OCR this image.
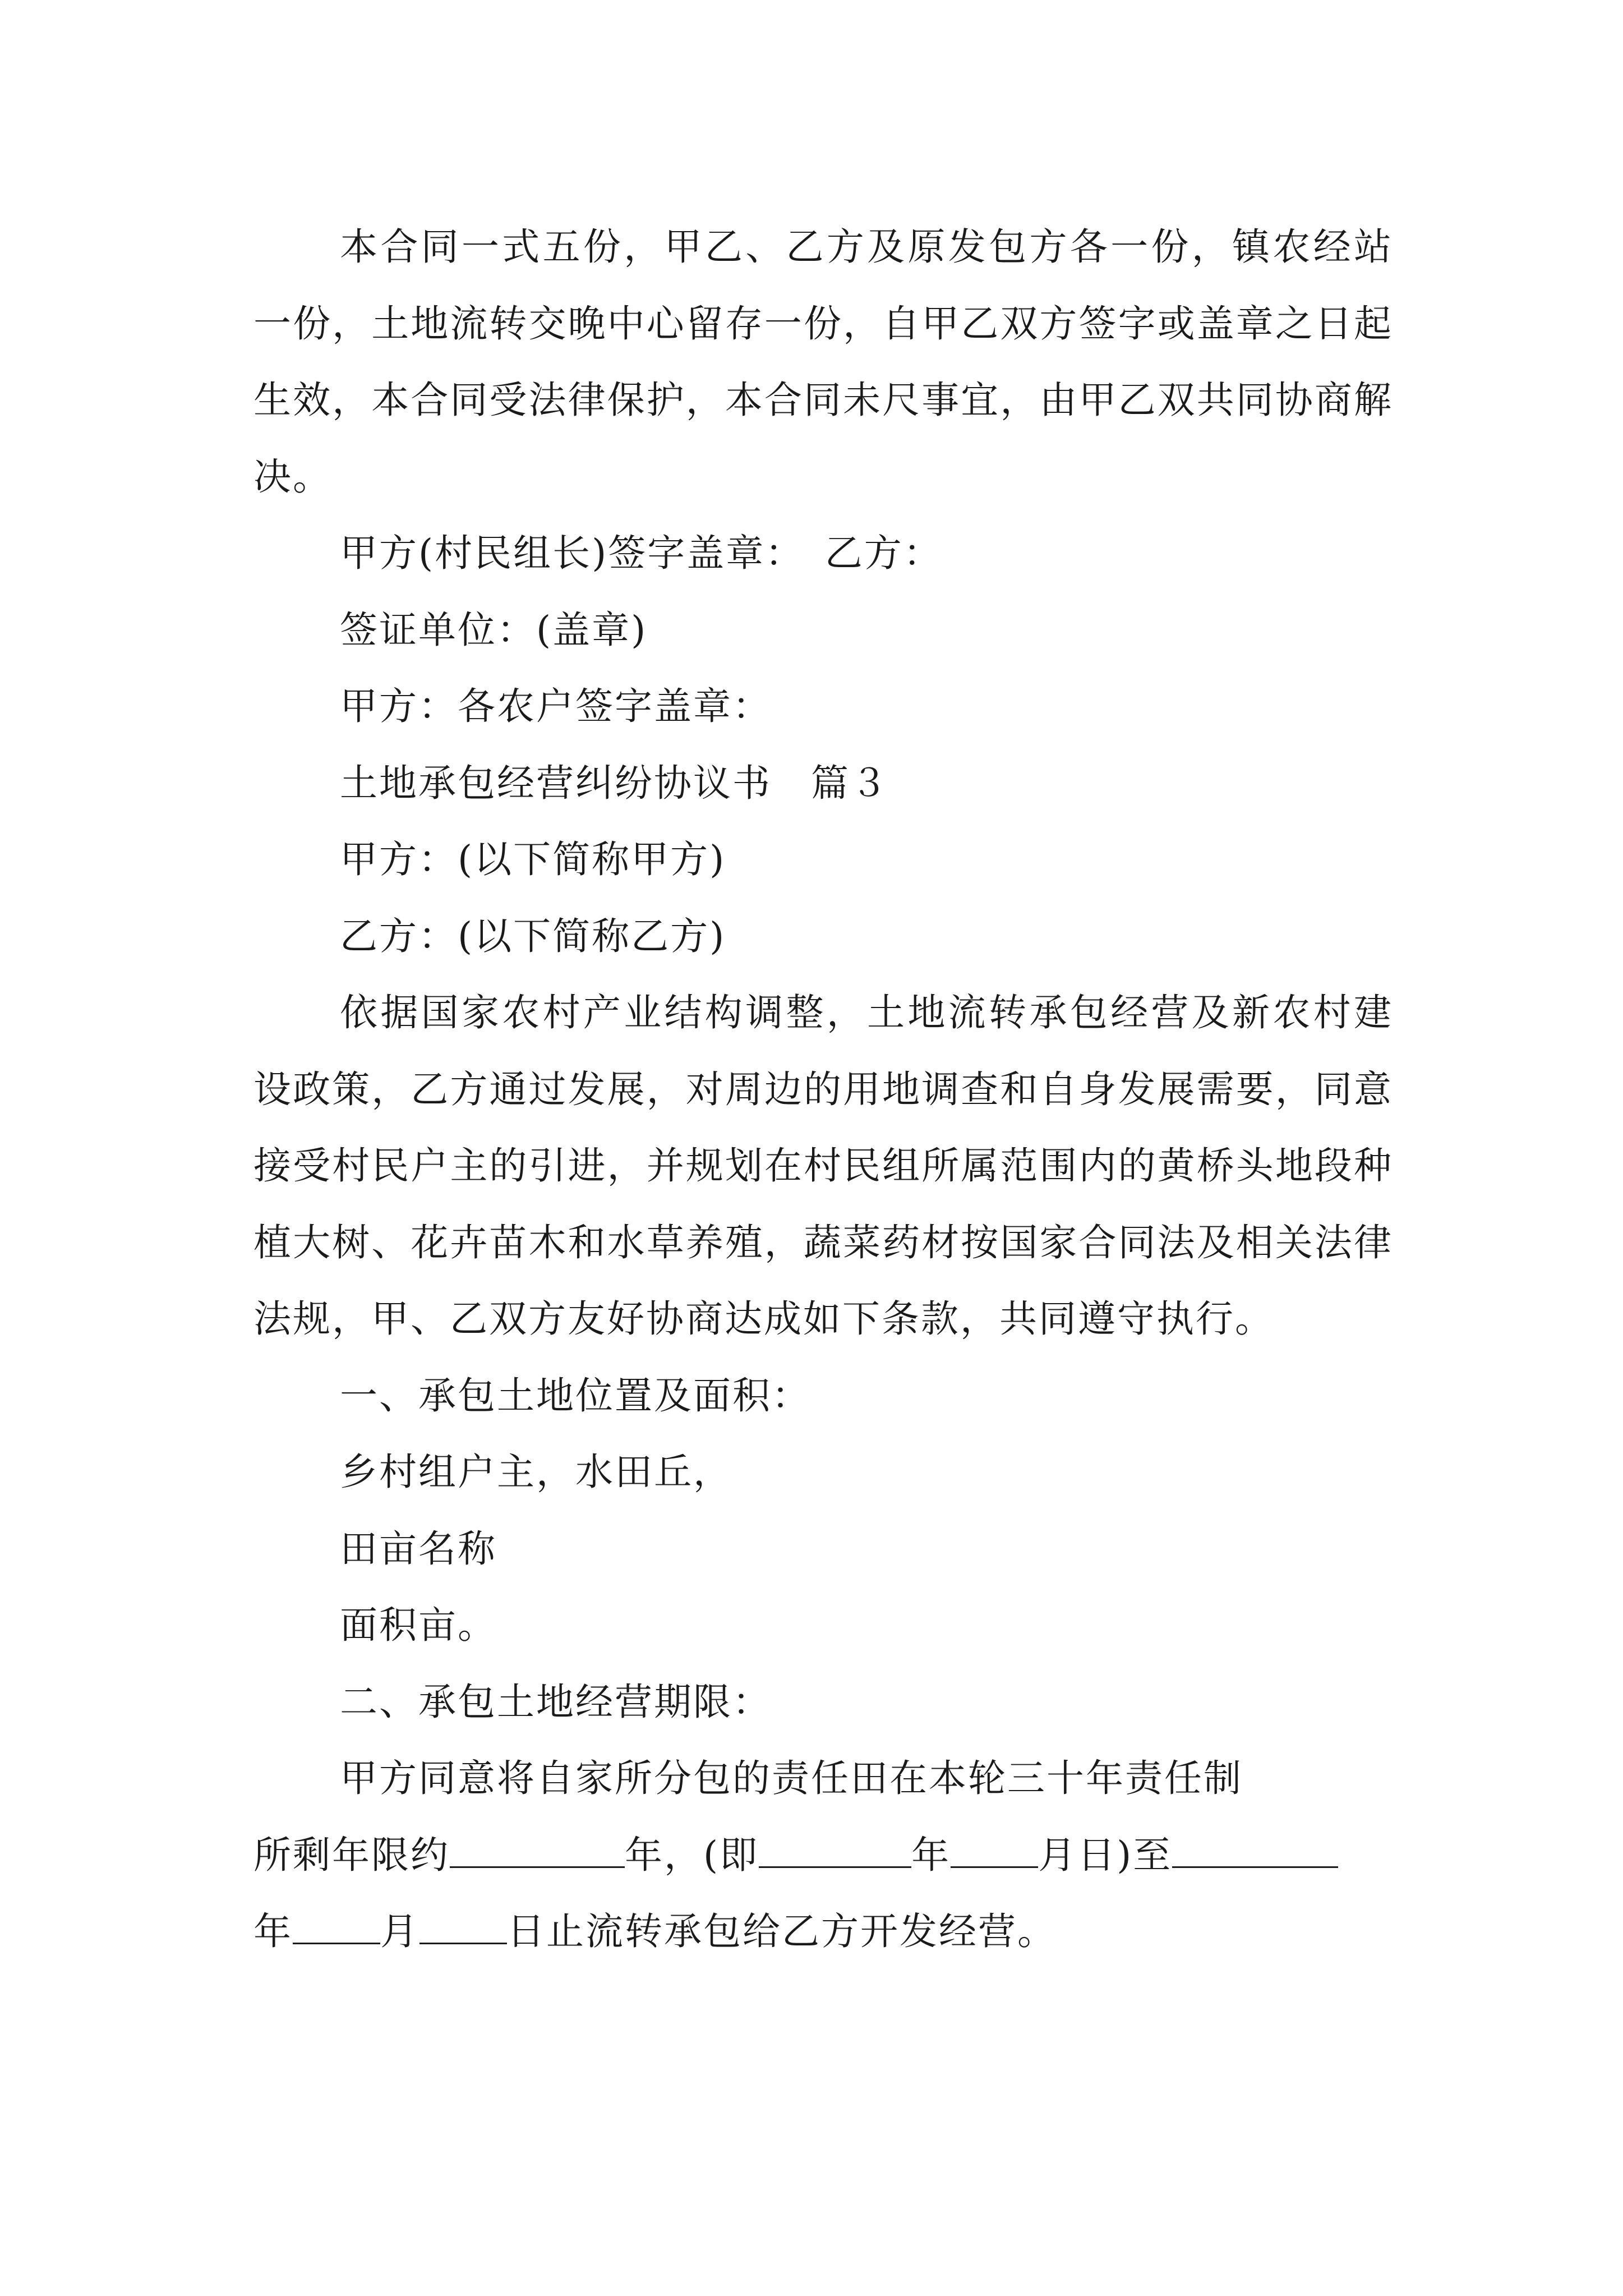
本合同一式五份，甲乙、乙方及原发包方各一份，镇农经站一份，土地流转交晚中心留存一份，自甲乙双方签字或盖章之日起生效，本合同受法律保护，本合同未尺事宜，由甲乙双共同协商解决。

甲方(村民组长)签字盖章：　乙方：

签证单位：(盖章)

甲方：各农户签字盖章：

土地承包经营纠纷协议书　篇３

甲方：(以下简称甲方)

乙方：(以下简称乙方)

依据国家农村产业结构调整，土地流转承包经营及新农村建设政策，乙方通过发展，对周边的用地调查和自身发展需要，同意接受村民户主的引进，并规划在村民组所属范围内的黄桥头地段种植大树、花卉苗木和水草养殖，蔬菜药材按国家合同法及相关法律法规，甲、乙双方友好协商达成如下条款，共同遵守执行。

一、承包土地位置及面积：

乡村组户主，水田丘，

田亩名称

面积亩。

二、承包土地经营期限：

甲方同意将自家所分包的责任田在本轮三十年责任制

所剩年限约	年，(即	年 月日)至

年 月 日止流转承包给乙方开发经营。
